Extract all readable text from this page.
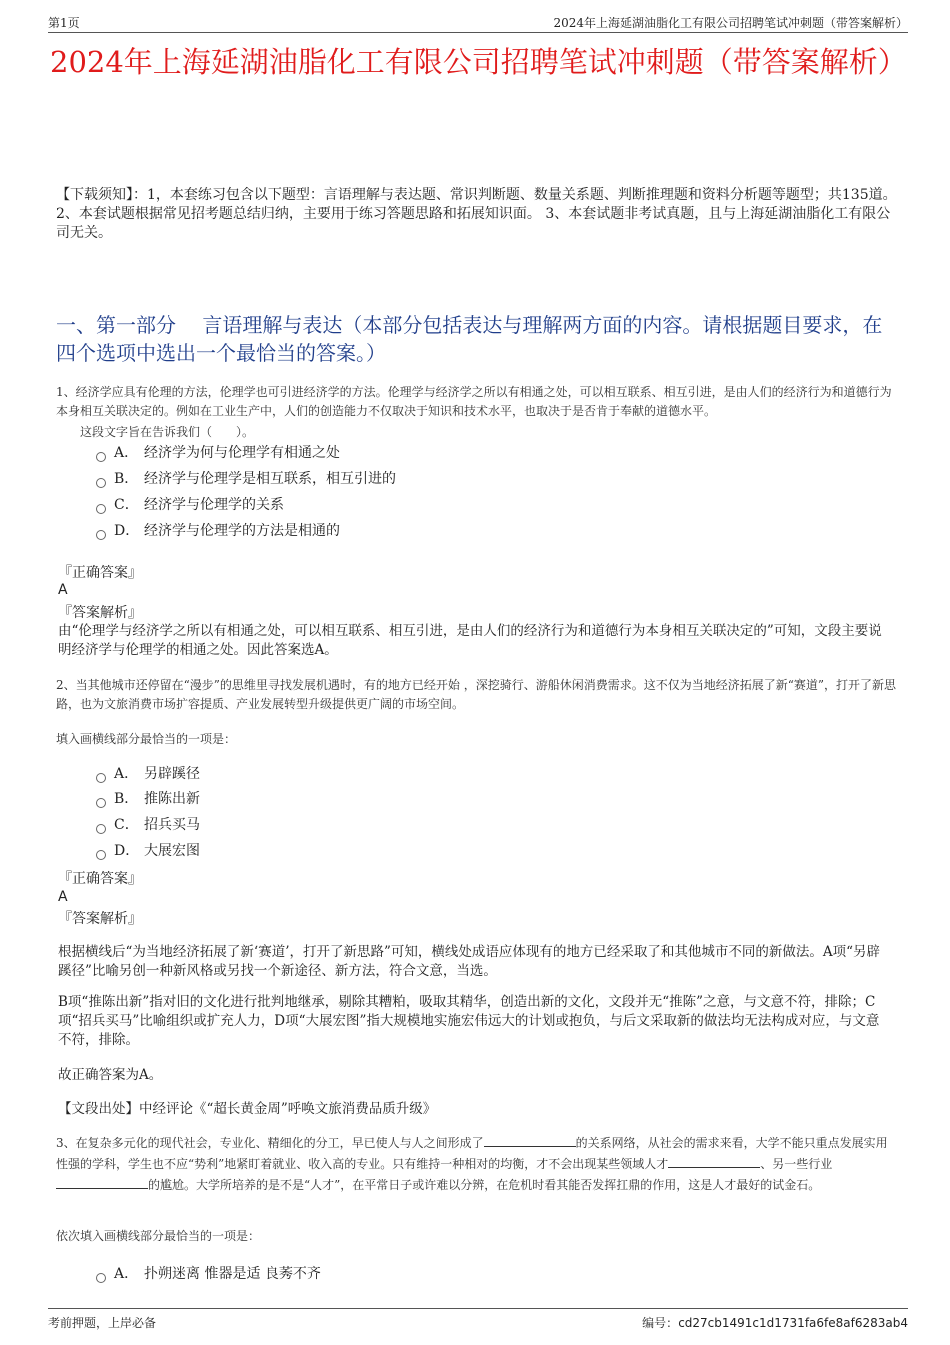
第1页	2024年上海延湖油脂化工有限公司招聘笔试冲刺题（带答案解析）
2024年上海延湖油脂化工有限公司招聘笔试冲刺题（带答案解析）
【下载须知】：1，本套练习包含以下题型：言语理解与表达题、常识判断题、数量关系题、判断推理题和资料分析题等题型；共135道。 2、本套试题根据常见招考题总结归纳，主要用于练习答题思路和拓展知识面。 3、本套试题非考试真题，且与上海延湖油脂化工有限公司无关。
一、第一部分　 言语理解与表达（本部分包括表达与理解两方面的内容。请根据题目要求，在四个选项中选出一个最恰当的答案。）
1、经济学应具有伦理的方法，伦理学也可引进经济学的方法。伦理学与经济学之所以有相通之处，可以相互联系、相互引进，是由人们的经济行为和道德行为本身相互关联决定的。例如在工业生产中，人们的创造能力不仅取决于知识和技术水平，也取决于是否肯于奉献的道德水平。
这段文字旨在告诉我们（　　）。
A． 经济学为何与伦理学有相通之处
B． 经济学与伦理学是相互联系，相互引进的
C． 经济学与伦理学的关系
D． 经济学与伦理学的方法是相通的
『正确答案』
A
『答案解析』
由“伦理学与经济学之所以有相通之处，可以相互联系、相互引进，是由人们的经济行为和道德行为本身相互关联决定的”可知，文段主要说明经济学与伦理学的相通之处。因此答案选A。
2、当其他城市还停留在“漫步”的思维里寻找发展机遇时，有的地方已经开始 ，深挖骑行、游船休闲消费需求。这不仅为当地经济拓展了新“赛道”，打开了新思路，也为文旅消费市场扩容提质、产业发展转型升级提供更广阔的市场空间。
填入画横线部分最恰当的一项是：
A． 另辟蹊径
B． 推陈出新
C． 招兵买马
D． 大展宏图
『正确答案』
A
『答案解析』
根据横线后“为当地经济拓展了新‘赛道’，打开了新思路”可知，横线处成语应体现有的地方已经采取了和其他城市不同的新做法。A项“另辟蹊径”比喻另创一种新风格或另找一个新途径、新方法，符合文意，当选。
B项“推陈出新”指对旧的文化进行批判地继承，剔除其糟粕，吸取其精华，创造出新的文化，文段并无“推陈”之意，与文意不符，排除；C项“招兵买马”比喻组织或扩充人力，D项“大展宏图”指大规模地实施宏伟远大的计划或抱负，与后文采取新的做法均无法构成对应，与文意不符，排除。
故正确答案为A。
【文段出处】中经评论《“超长黄金周”呼唤文旅消费品质升级》
3、在复杂多元化的现代社会，专业化、精细化的分工，早已使人与人之间形成了	的关系网络，从社会的需求来看，大学不能只重点发展实用性强的学科，学生也不应“势利”地紧盯着就业、收入高的专业。只有维持一种相对的均衡，才不会出现某些领域人才	、另一些行业的尴尬。大学所培养的是不是“人才”，在平常日子或许难以分辨，在危机时看其能否发挥扛鼎的作用，这是人才最好的试金石。
依次填入画横线部分最恰当的一项是：
A． 扑朔迷离 惟器是适 良莠不齐
考前押题，上岸必备	编号：cd27cb1491c1d1731fa6fe8af6283ab4
